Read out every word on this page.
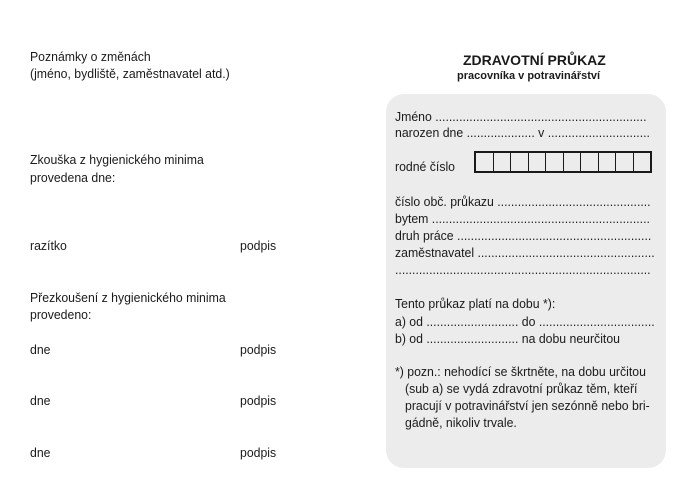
Poznámky o změnách
(jméno, bydliště, zaměstnavatel atd.)
Zkouška z hygienického minima
provedena dne:
razítko	podpis
Přezkoušení z hygienického minima
provedeno:
dne	podpis
dne	podpis
dne	podpis
ZDRAVOTNÍ PRŮKAZ
pracovníka v potravinářství
Jméno ..............................................................
narozen dne .................... v ..............................
rodné číslo
číslo obč. průkazu .............................................
bytem ................................................................
druh práce .........................................................
zaměstnavatel ....................................................
...........................................................................
Tento průkaz platí na dobu *):
a) od ........................... do ..................................
b) od ........................... na dobu neurčitou
*) pozn.: nehodící se škrtněte, na dobu určitou
(sub a) se vydá zdravotní průkaz těm, kteří
pracují v potravinářství jen sezónně nebo bri-
gádně, nikoliv trvale.
